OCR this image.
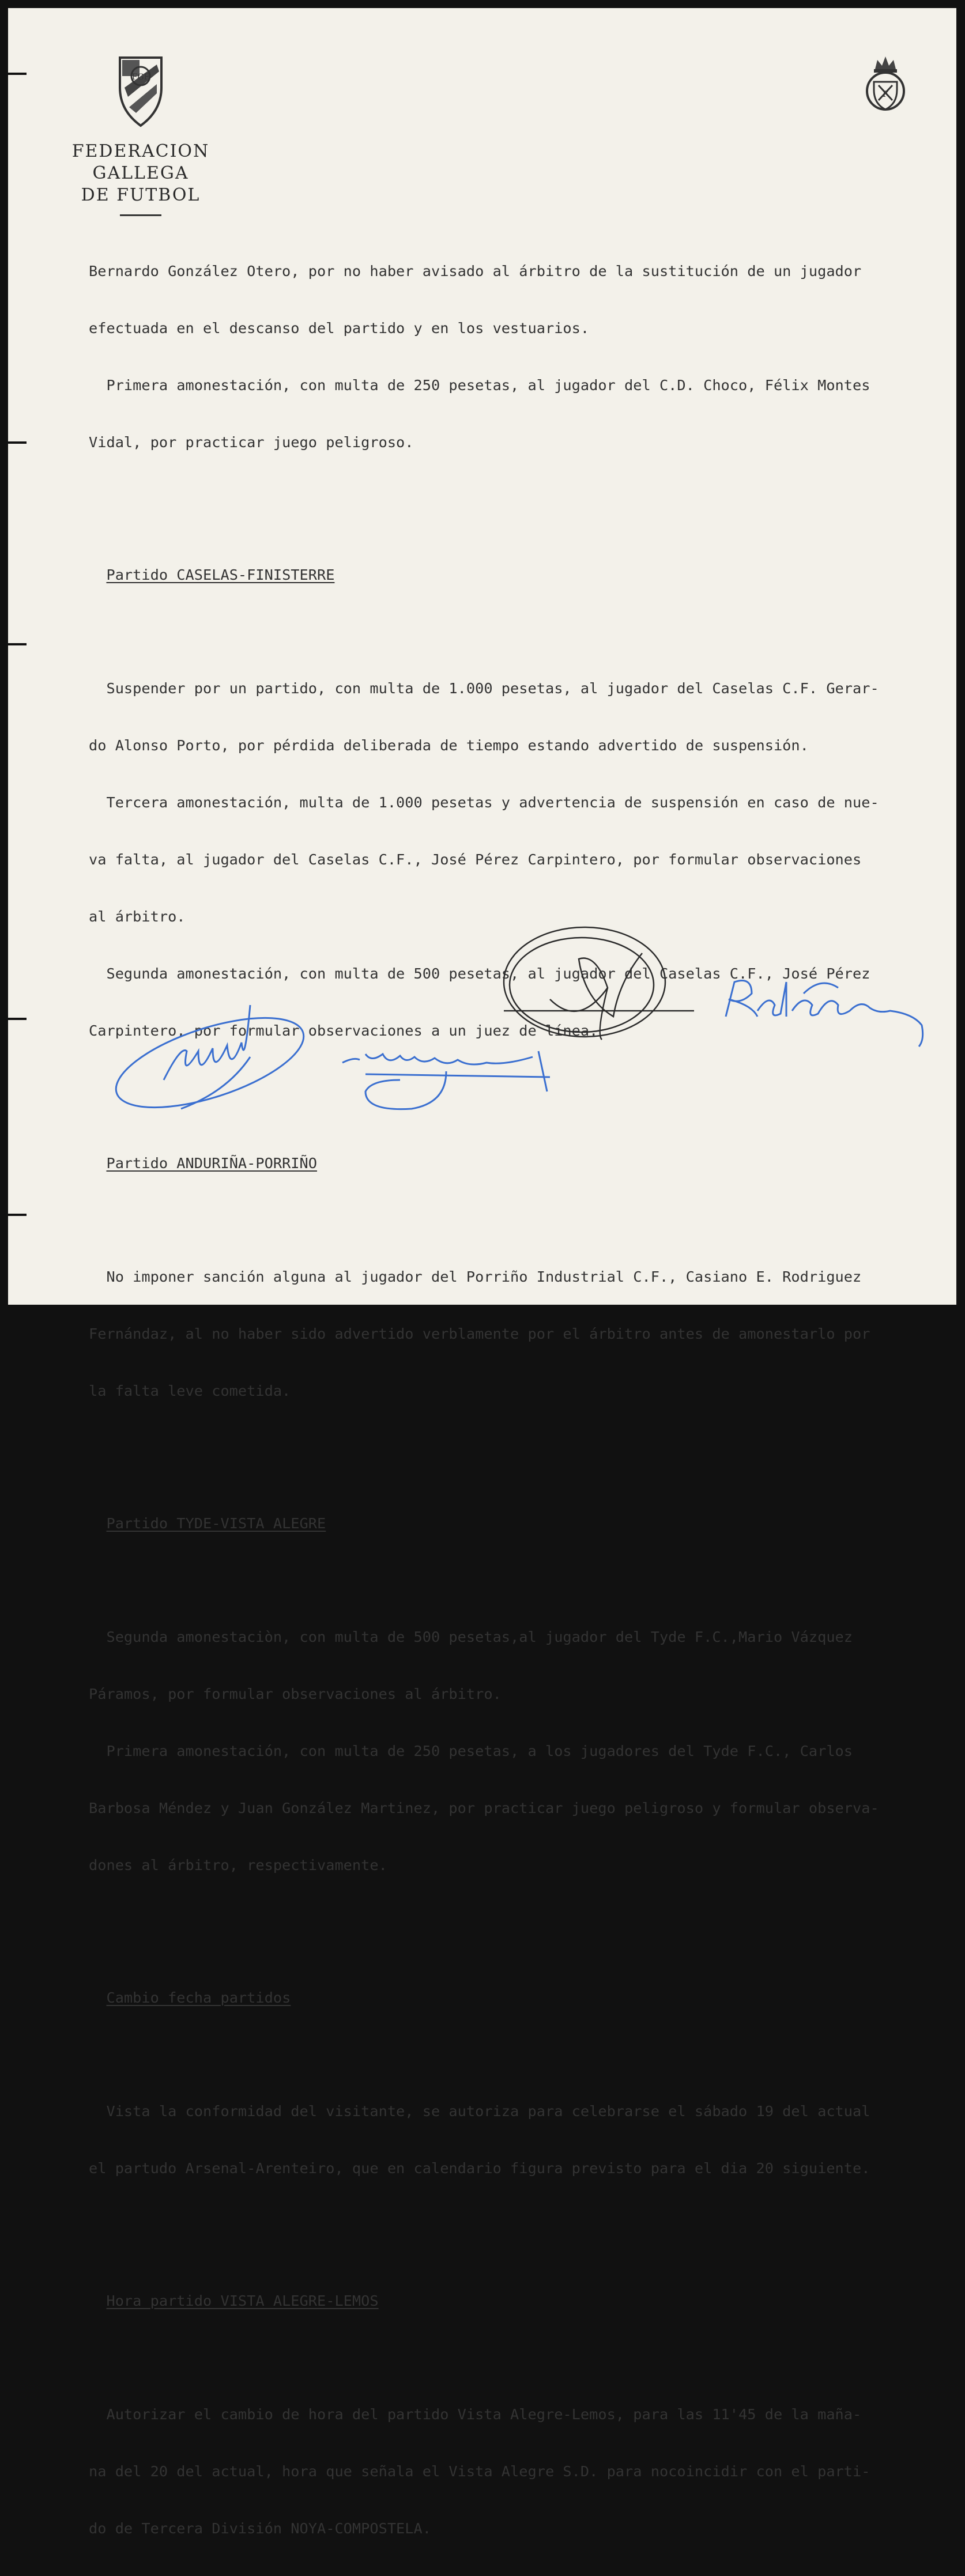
FGF
FEDERACION GALLEGA
DE FUTBOL
F

Bernardo González Otero, por no haber avisado al árbitro de la sustitución de un jugador

efectuada en el descanso del partido y en los vestuarios.

Primera amonestación, con multa de 250 pesetas, al jugador del C.D. Choco, Félix Montes

Vidal, por practicar juego peligroso.

Partido CASELAS-FINISTERRE

Suspender por un partido, con multa de 1.000 pesetas, al jugador del Caselas C.F. Gerar-

do Alonso Porto, por pérdida deliberada de tiempo estando advertido de suspensión.

Tercera amonestación, multa de 1.000 pesetas y advertencia de suspensión en caso de nue-

va falta, al jugador del Caselas C.F., José Pérez Carpintero, por formular observaciones

al árbitro.

Segunda amonestación, con multa de 500 pesetas, al jugador del Caselas C.F., José Pérez

Carpintero, por formular observaciones a un juez de línea.

Partido ANDURIÑA-PORRIÑO

No imponer sanción alguna al jugador del Porriño Industrial C.F., Casiano E. Rodriguez

Fernándaz, al no haber sido advertido verblamente por el árbitro antes de amonestarlo por

la falta leve cometida.

Partido TYDE-VISTA ALEGRE

Segunda amonestaciòn, con multa de 500 pesetas,al jugador del Tyde F.C.,Mario Vázquez

Páramos, por formular observaciones al árbitro.

Primera amonestación, con multa de 250 pesetas, a los jugadores del Tyde F.C., Carlos

Barbosa Méndez y Juan González Martinez, por practicar juego peligroso y formular observa-

dones al árbitro, respectivamente.

Cambio fecha partidos

Vista la conformidad del visitante, se autoriza para celebrarse el sábado 19 del actual

el partudo Arsenal-Arenteiro, que en calendario figura previsto para el dia 20 siguiente.

Hora partido VISTA ALEGRE-LEMOS

Autorizar el cambio de hora del partido Vista Alegre-Lemos, para las 11'45 de la maña-

na del 20 del actual, hora que señala el Vista Alegre S.D. para nocoincidir con el parti-

do de Tercera División NOYA-COMPOSTELA.
